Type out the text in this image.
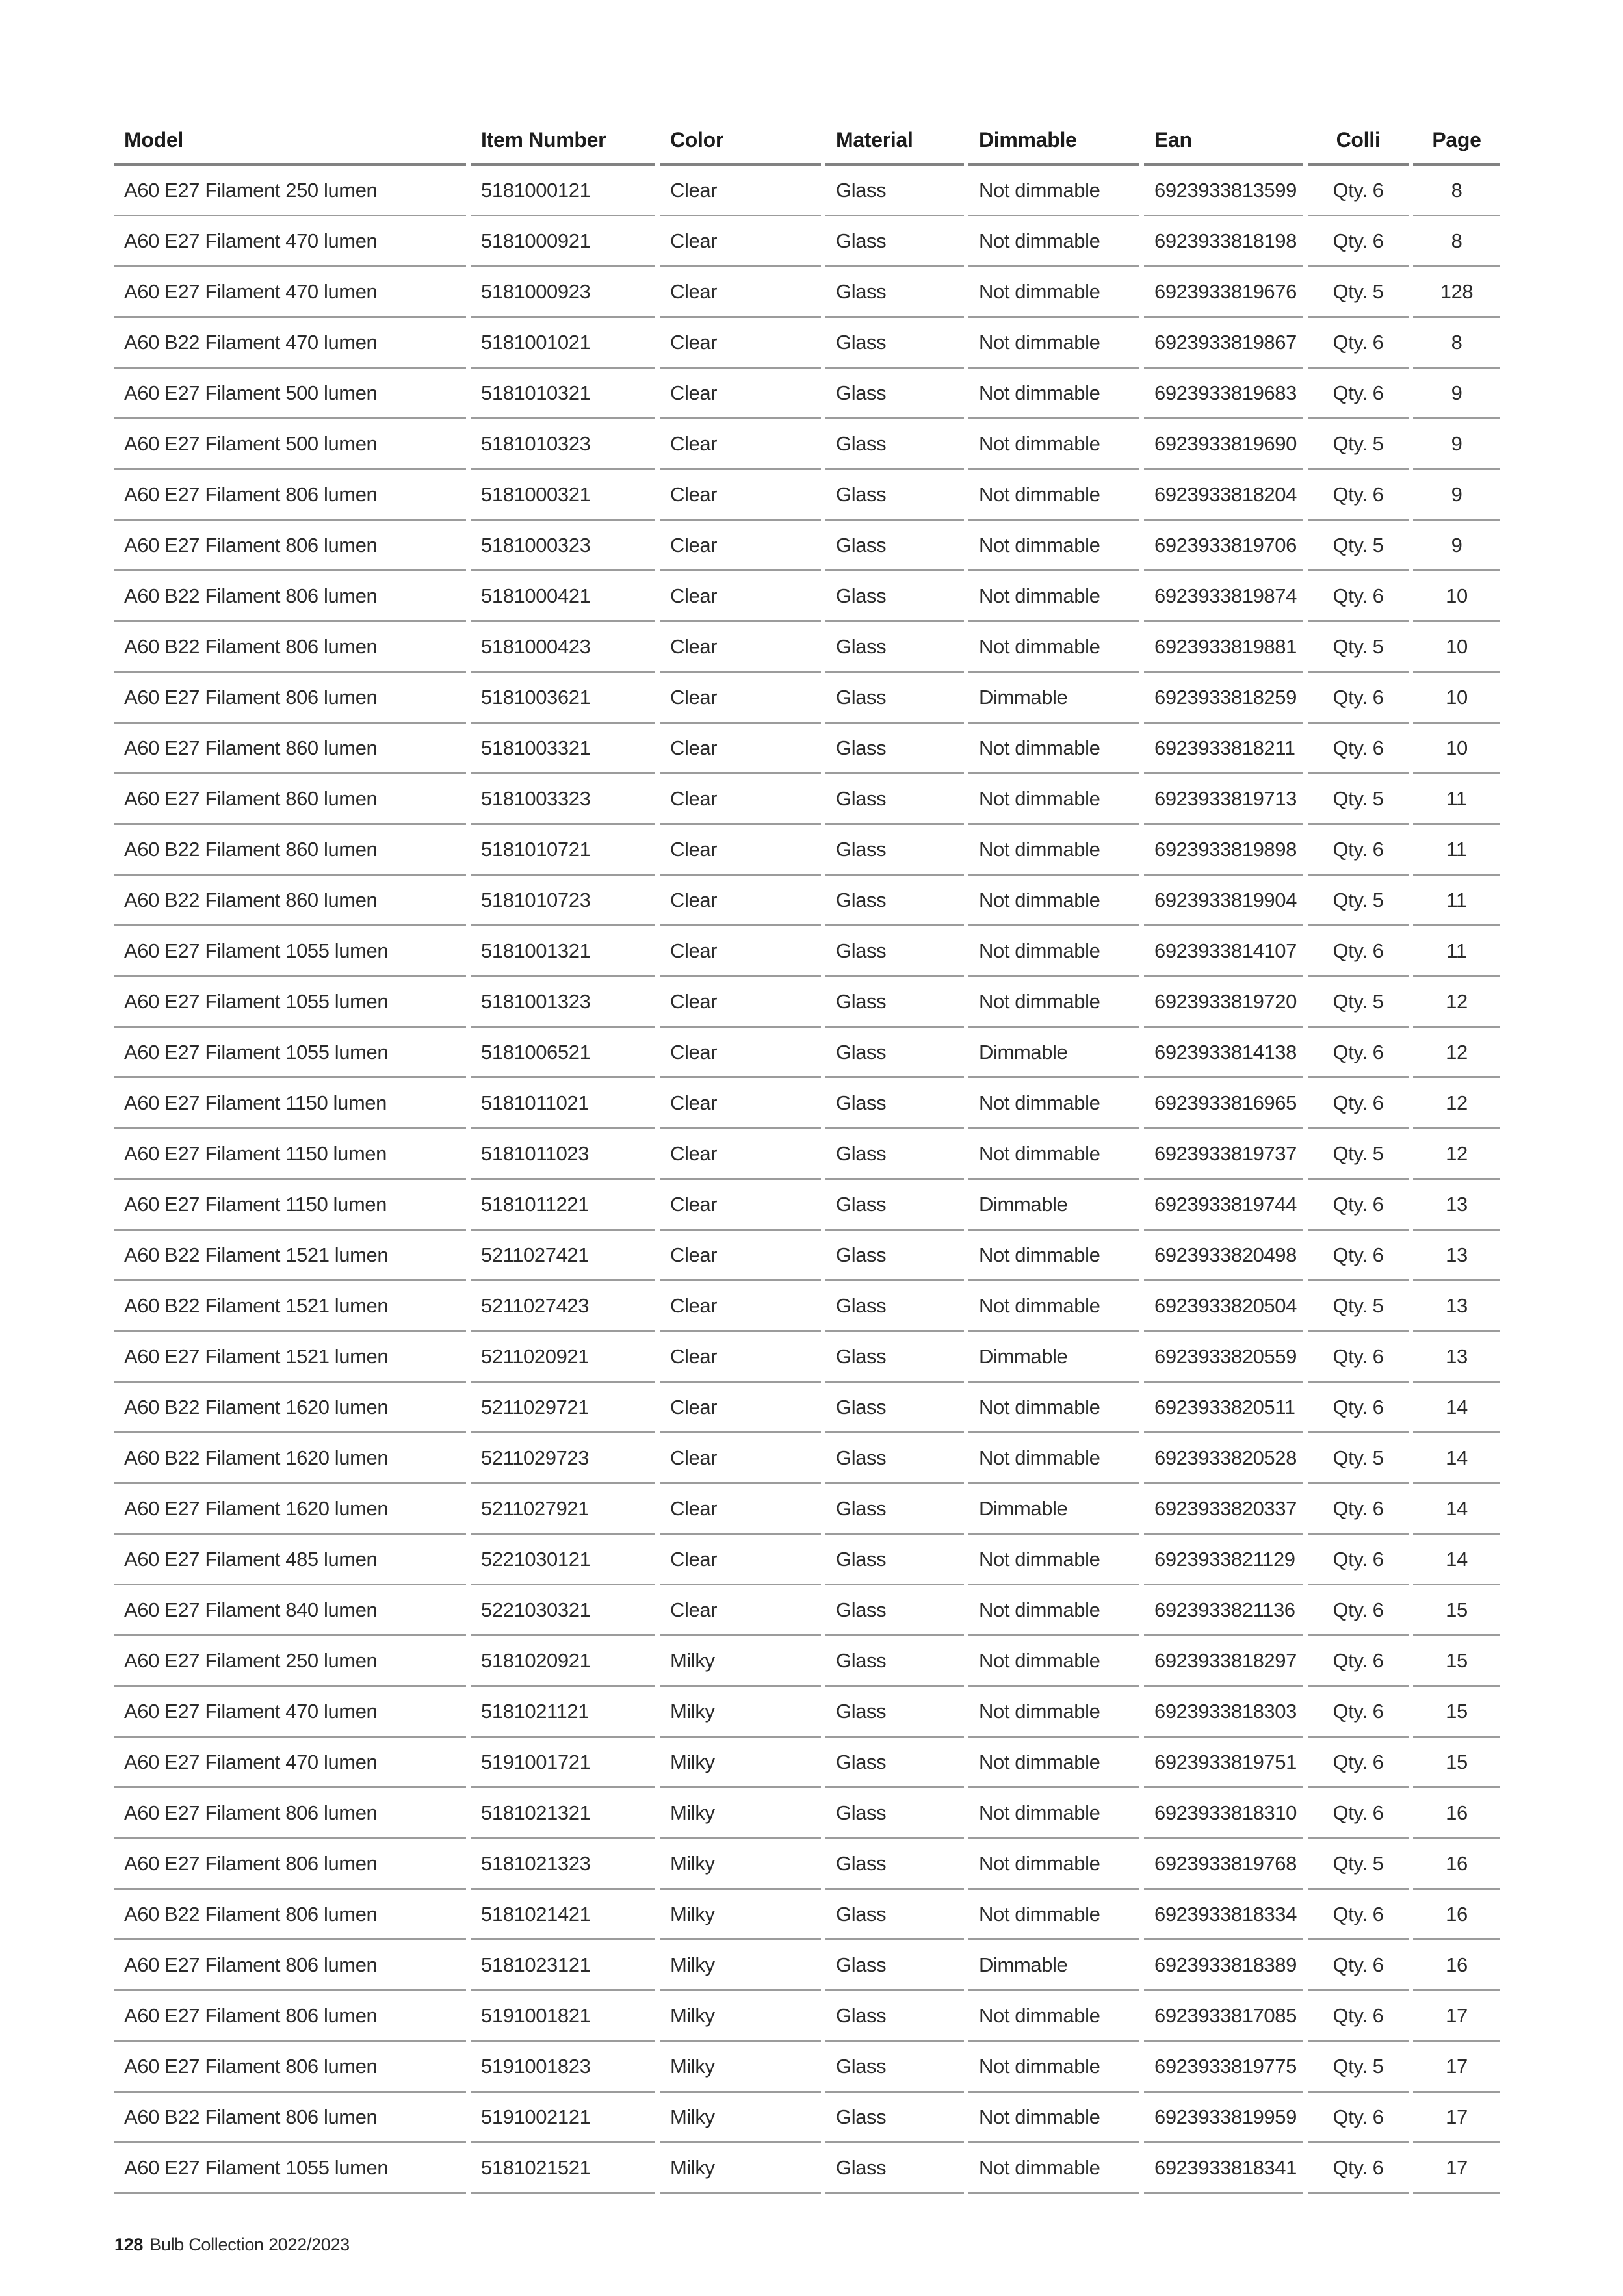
Model	Item Number	Color	Material	Dimmable	Ean	Colli	Page
A60 E27 Filament 250 lumen	5181000121	Clear	Glass	Not dimmable	6923933813599	Qty. 6	8
A60 E27 Filament 470 lumen	5181000921	Clear	Glass	Not dimmable	6923933818198	Qty. 6	8
A60 E27 Filament 470 lumen	5181000923	Clear	Glass	Not dimmable	6923933819676	Qty. 5	128
A60 B22 Filament 470 lumen	5181001021	Clear	Glass	Not dimmable	6923933819867	Qty. 6	8
A60 E27 Filament 500 lumen	5181010321	Clear	Glass	Not dimmable	6923933819683	Qty. 6	9
A60 E27 Filament 500 lumen	5181010323	Clear	Glass	Not dimmable	6923933819690	Qty. 5	9
A60 E27 Filament 806 lumen	5181000321	Clear	Glass	Not dimmable	6923933818204	Qty. 6	9
A60 E27 Filament 806 lumen	5181000323	Clear	Glass	Not dimmable	6923933819706	Qty. 5	9
A60 B22 Filament 806 lumen	5181000421	Clear	Glass	Not dimmable	6923933819874	Qty. 6	10
A60 B22 Filament 806 lumen	5181000423	Clear	Glass	Not dimmable	6923933819881	Qty. 5	10
A60 E27 Filament 806 lumen	5181003621	Clear	Glass	Dimmable	6923933818259	Qty. 6	10
A60 E27 Filament 860 lumen	5181003321	Clear	Glass	Not dimmable	6923933818211	Qty. 6	10
A60 E27 Filament 860 lumen	5181003323	Clear	Glass	Not dimmable	6923933819713	Qty. 5	11
A60 B22 Filament 860 lumen	5181010721	Clear	Glass	Not dimmable	6923933819898	Qty. 6	11
A60 B22 Filament 860 lumen	5181010723	Clear	Glass	Not dimmable	6923933819904	Qty. 5	11
A60 E27 Filament 1055 lumen	5181001321	Clear	Glass	Not dimmable	6923933814107	Qty. 6	11
A60 E27 Filament 1055 lumen	5181001323	Clear	Glass	Not dimmable	6923933819720	Qty. 5	12
A60 E27 Filament 1055 lumen	5181006521	Clear	Glass	Dimmable	6923933814138	Qty. 6	12
A60 E27 Filament 1150 lumen	5181011021	Clear	Glass	Not dimmable	6923933816965	Qty. 6	12
A60 E27 Filament 1150 lumen	5181011023	Clear	Glass	Not dimmable	6923933819737	Qty. 5	12
A60 E27 Filament 1150 lumen	5181011221	Clear	Glass	Dimmable	6923933819744	Qty. 6	13
A60 B22 Filament 1521 lumen	5211027421	Clear	Glass	Not dimmable	6923933820498	Qty. 6	13
A60 B22 Filament 1521 lumen	5211027423	Clear	Glass	Not dimmable	6923933820504	Qty. 5	13
A60 E27 Filament 1521 lumen	5211020921	Clear	Glass	Dimmable	6923933820559	Qty. 6	13
A60 B22 Filament 1620 lumen	5211029721	Clear	Glass	Not dimmable	6923933820511	Qty. 6	14
A60 B22 Filament 1620 lumen	5211029723	Clear	Glass	Not dimmable	6923933820528	Qty. 5	14
A60 E27 Filament 1620 lumen	5211027921	Clear	Glass	Dimmable	6923933820337	Qty. 6	14
A60 E27 Filament 485 lumen	5221030121	Clear	Glass	Not dimmable	6923933821129	Qty. 6	14
A60 E27 Filament 840 lumen	5221030321	Clear	Glass	Not dimmable	6923933821136	Qty. 6	15
A60 E27 Filament 250 lumen	5181020921	Milky	Glass	Not dimmable	6923933818297	Qty. 6	15
A60 E27 Filament 470 lumen	5181021121	Milky	Glass	Not dimmable	6923933818303	Qty. 6	15
A60 E27 Filament 470 lumen	5191001721	Milky	Glass	Not dimmable	6923933819751	Qty. 6	15
A60 E27 Filament 806 lumen	5181021321	Milky	Glass	Not dimmable	6923933818310	Qty. 6	16
A60 E27 Filament 806 lumen	5181021323	Milky	Glass	Not dimmable	6923933819768	Qty. 5	16
A60 B22 Filament 806 lumen	5181021421	Milky	Glass	Not dimmable	6923933818334	Qty. 6	16
A60 E27 Filament 806 lumen	5181023121	Milky	Glass	Dimmable	6923933818389	Qty. 6	16
A60 E27 Filament 806 lumen	5191001821	Milky	Glass	Not dimmable	6923933817085	Qty. 6	17
A60 E27 Filament 806 lumen	5191001823	Milky	Glass	Not dimmable	6923933819775	Qty. 5	17
A60 B22 Filament 806 lumen	5191002121	Milky	Glass	Not dimmable	6923933819959	Qty. 6	17
A60 E27 Filament 1055 lumen	5181021521	Milky	Glass	Not dimmable	6923933818341	Qty. 6	17
128 Bulb Collection 2022/2023
